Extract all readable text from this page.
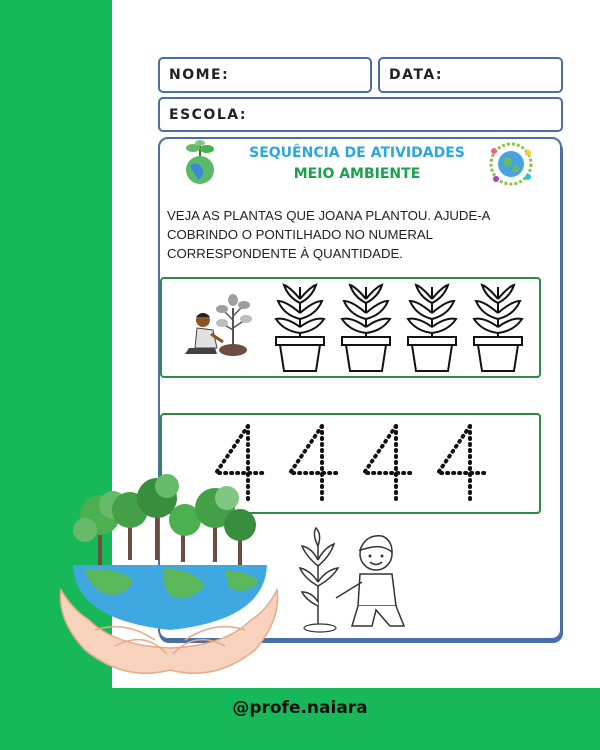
@profe.naiara
NOME:	DATA:
ESCOLA:
SEQUÊNCIA DE ATIVIDADES
MEIO AMBIENTE
VEJA AS PLANTAS QUE JOANA PLANTOU. AJUDE-A COBRINDO O PONTILHADO NO NUMERAL CORRESPONDENTE À QUANTIDADE.
